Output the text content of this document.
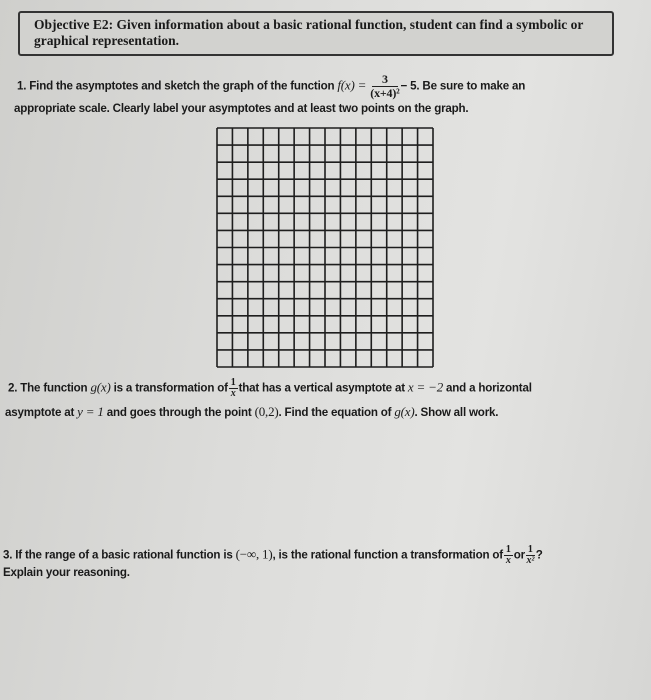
Objective E2: Given information about a basic rational function, student can find a symbolic or graphical representation.
1. Find the asymptotes and sketch the graph of the function $f(x) = \frac{3}{\text{(x+4)²}} - 5$. Be sure to make an
appropriate scale. Clearly label your asymptotes and at least two points on the graph.
2. The function g(x) is a transformation of $\frac{1}{x}$ that has a vertical asymptote at x = −2 and a horizontal
asymptote at y = 1 and goes through the point (0,2). Find the equation of g(x). Show all work.
3. If the range of a basic rational function is (−∞, 1), is the rational function a transformation of $\frac{1}{x}$ or $\frac{1}{\text{x²}}$ ?
Explain your reasoning.
